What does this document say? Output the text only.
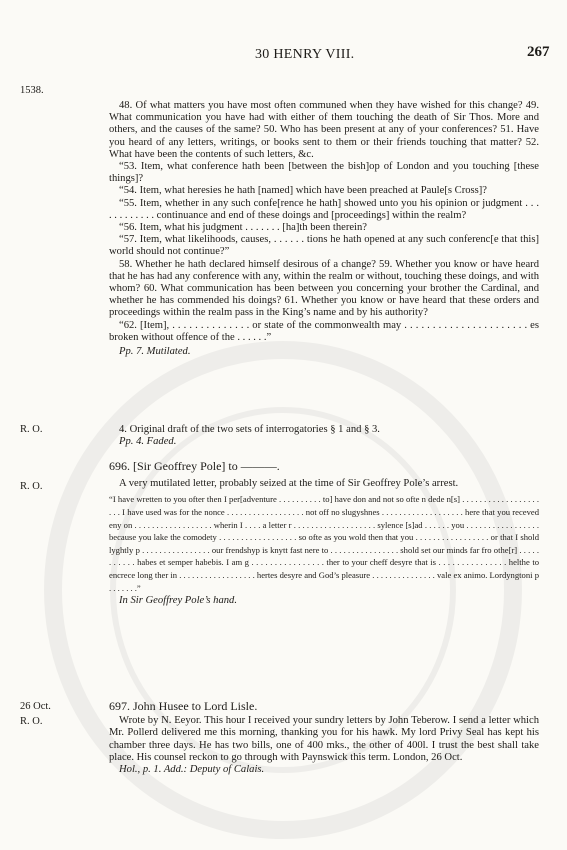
30 HENRY VIII.	267
1538.
R. O.
R. O.
26 Oct.
R. O.

48. Of what matters you have most often communed when they have wished for this change? 49. What communication you have had with either of them touching the death of Sir Thos. More and others, and the causes of the same? 50. Who has been present at any of your conferences? 51. Have you heard of any letters, writings, or books sent to them or their friends touching that matter? 52. What have been the contents of such letters, &c.

“53. Item, what conference hath been [between the bish]op of London and you touching [these things]?

“54. Item, what heresies he hath [named] which have been preached at Paule[s Cross]?

“55. Item, whether in any such confe[rence he hath] showed unto you his opinion or judgment . . . . . . . . . . . . continuance and end of these doings and [proceedings] within the realm?

“56. Item, what his judgment . . . . . . . [ha]th been therein?

“57. Item, what likelihoods, causes, . . . . . . tions he hath opened at any such conferenc[e that this] world should not continue?”

58. Whether he hath declared himself desirous of a change? 59. Whether you know or have heard that he has had any conference with any, within the realm or without, touching these doings, and with whom? 60. What communication has been between you concerning your brother the Cardinal, and whether he has commended his doings? 61. Whether you know or have heard that these orders and proceedings within the realm pass in the King’s name and by his authority?

“62. [Item], . . . . . . . . . . . . . . or state of the commonwealth may . . . . . . . . . . . . . . . . . . . . . . es broken without offence of the . . . . . .”

Pp. 7. Mutilated.

4. Original draft of the two sets of interrogatories § 1 and § 3.

Pp. 4. Faded.

696. [Sir Geoffrey Pole] to ———.

A very mutilated letter, probably seized at the time of Sir Geoffrey Pole’s arrest.

“I have wretten to you ofter then I per[adventure . . . . . . . . . . to] have don and not so ofte n dede n[s] . . . . . . . . . . . . . . . . . . . . . I have used was for the nonce . . . . . . . . . . . . . . . . . . not off no slugyshnes . . . . . . . . . . . . . . . . . . . here that you receved eny on . . . . . . . . . . . . . . . . . . wherin I . . . . a letter r . . . . . . . . . . . . . . . . . . . sylence [s]ad . . . . . . you . . . . . . . . . . . . . . . . . because you lake the comodety . . . . . . . . . . . . . . . . . . so ofte as you wold then that you . . . . . . . . . . . . . . . . . or that I shold lyghtly p . . . . . . . . . . . . . . . . our frendshyp is knytt fast nere to . . . . . . . . . . . . . . . . shold set our minds far fro othe[r] . . . . . . . . . . . habes et semper habebis. I am g . . . . . . . . . . . . . . . . ther to your cheff desyre that is . . . . . . . . . . . . . . . helthe to encrece long ther in . . . . . . . . . . . . . . . . . . hertes desyre and God’s pleasure . . . . . . . . . . . . . . . vale ex animo. Lordyngtoni p . . . . . . .”

In Sir Geoffrey Pole’s hand.

697. John Husee to Lord Lisle.

Wrote by N. Eeyor. This hour I received your sundry letters by John Teberow. I send a letter which Mr. Pollerd delivered me this morning, thanking you for his hawk. My lord Privy Seal has kept his chamber three days. He has two bills, one of 400 mks., the other of 400l. I trust the best shall take place. His counsel reckon to go through with Paynswick this term. London, 26 Oct.

Hol., p. 1. Add.: Deputy of Calais.
